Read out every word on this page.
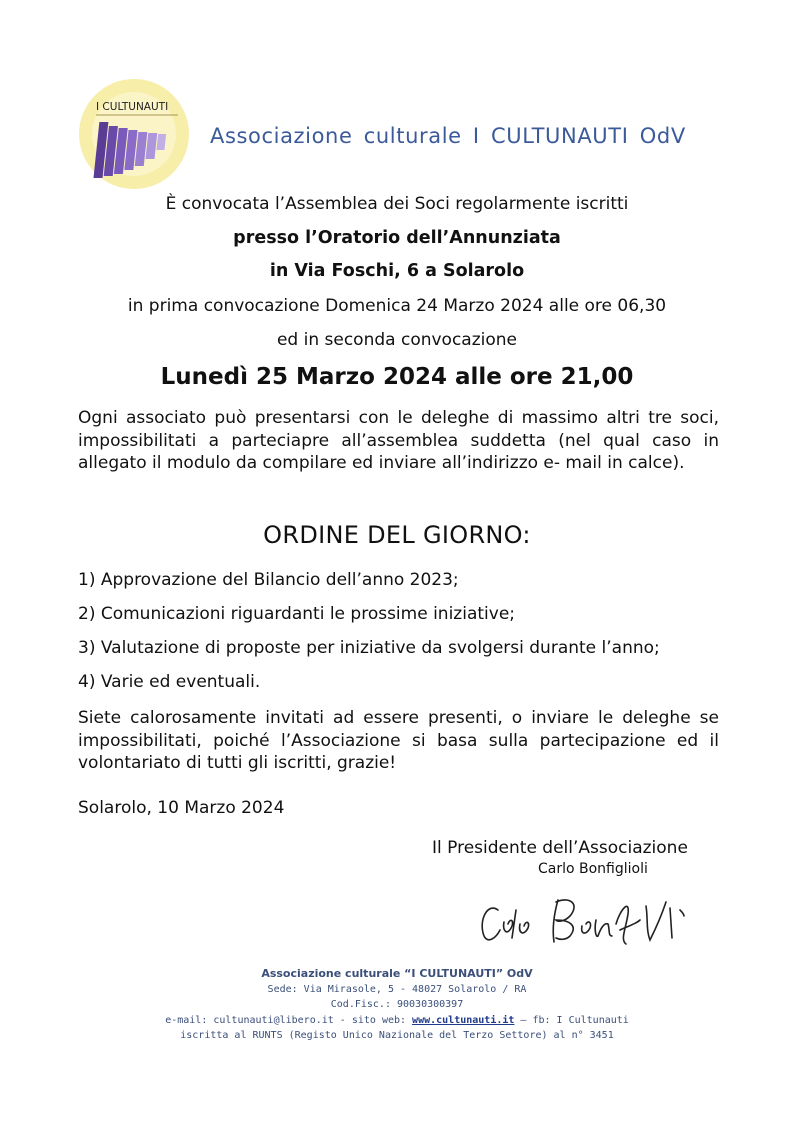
I CULTUNAUTI
Associazione culturale I CULTUNAUTI OdV
È convocata l’Assemblea dei Soci regolarmente iscritti
presso l’Oratorio dell’Annunziata
in Via Foschi, 6 a Solarolo
in prima convocazione Domenica 24 Marzo 2024 alle ore 06,30
ed in seconda convocazione
Lunedì 25 Marzo 2024 alle ore 21,00
Ogni associato può presentarsi con le deleghe di massimo altri tre soci, impossibilitati a parteciapre all’assemblea suddetta (nel qual caso in allegato il modulo da compilare ed inviare all’indirizzo e- mail in calce).
ORDINE DEL GIORNO:
1) Approvazione del Bilancio dell’anno 2023;
2) Comunicazioni riguardanti le prossime iniziative;
3) Valutazione di proposte per iniziative da svolgersi durante l’anno;
4) Varie ed eventuali.
Siete calorosamente invitati ad essere presenti, o inviare le deleghe se impossibilitati, poiché l’Associazione si basa sulla partecipazione ed il volontariato di tutti gli iscritti, grazie!
Solarolo, 10 Marzo 2024
Il Presidente dell’Associazione
Carlo Bonfiglioli
Associazione culturale “I CULTUNAUTI” OdV
Sede: Via Mirasole, 5 - 48027 Solarolo / RA
Cod.Fisc.: 90030300397
e-mail: cultunauti@libero.it - sito web: www.cultunauti.it – fb: I Cultunauti
iscritta al RUNTS (Registo Unico Nazionale del Terzo Settore) al n° 3451
